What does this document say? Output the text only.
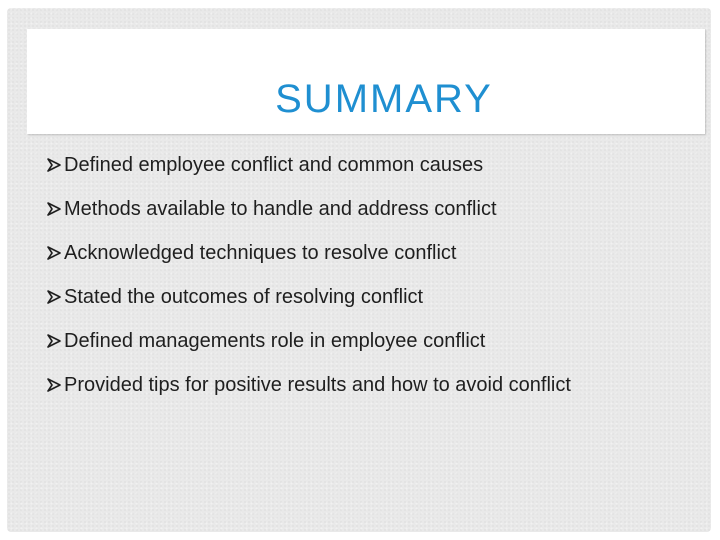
SUMMARY
Defined employee conflict and common causes
Methods available to handle and address conflict
Acknowledged techniques to resolve conflict
Stated the outcomes of resolving conflict
Defined managements role in employee conflict
Provided tips for positive results and how to avoid conflict
